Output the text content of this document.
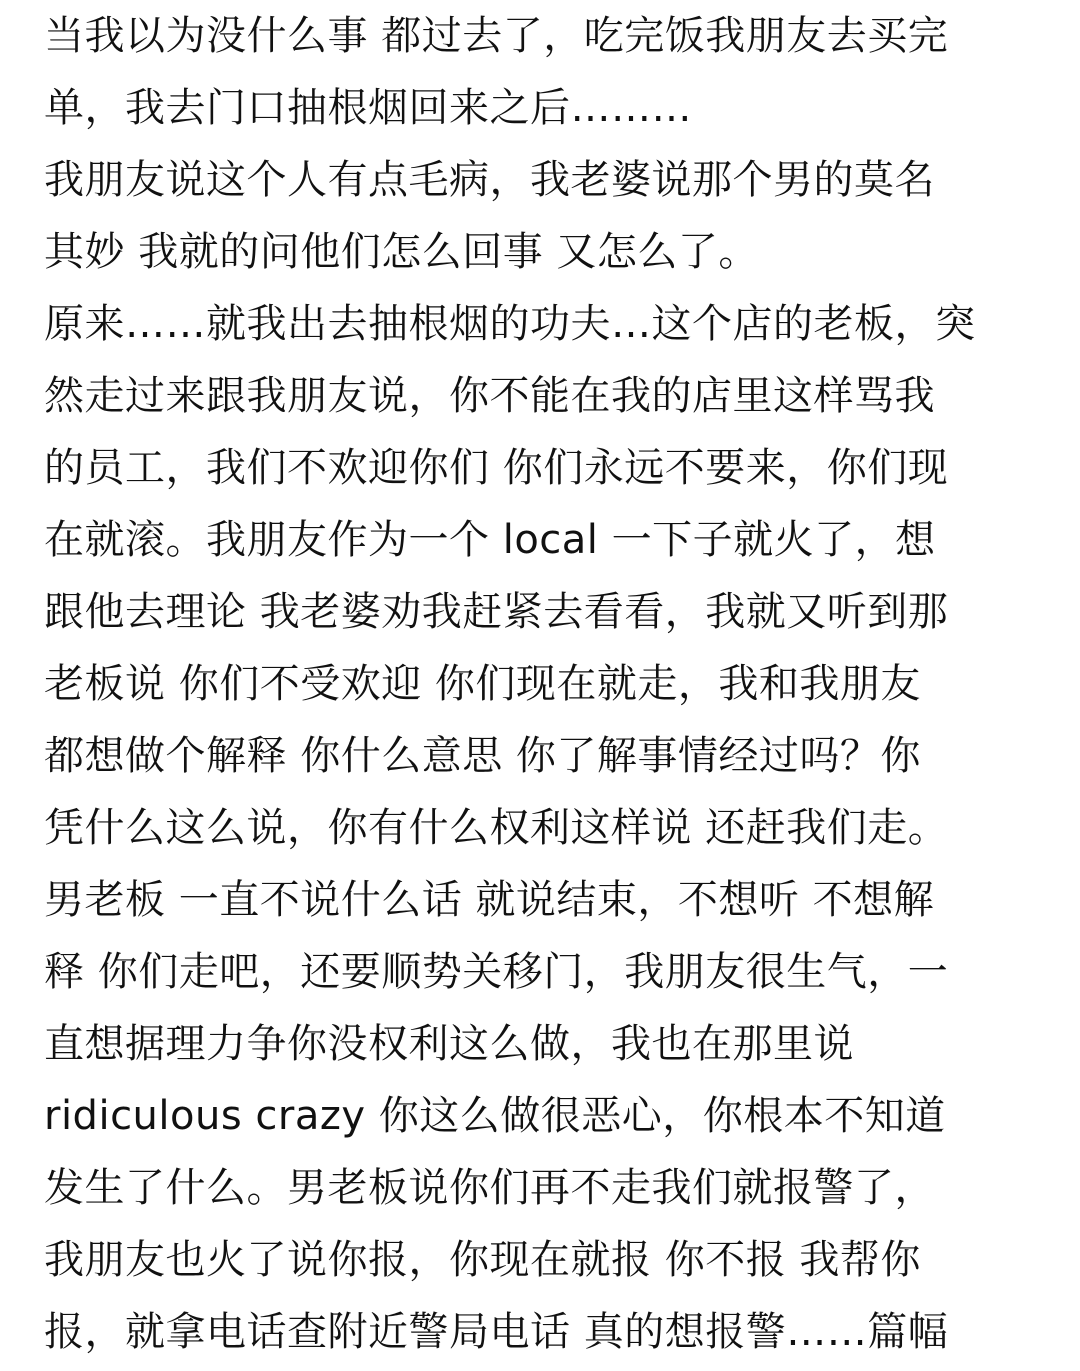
当我以为没什么事 都过去了，吃完饭我朋友去买完
单，我去门口抽根烟回来之后………
我朋友说这个人有点毛病，我老婆说那个男的莫名
其妙 我就的问他们怎么回事 又怎么了。
原来……就我出去抽根烟的功夫…这个店的老板，突
然走过来跟我朋友说，你不能在我的店里这样骂我
的员工，我们不欢迎你们 你们永远不要来，你们现
在就滚。我朋友作为一个 local 一下子就火了，想
跟他去理论 我老婆劝我赶紧去看看，我就又听到那
老板说 你们不受欢迎 你们现在就走，我和我朋友
都想做个解释 你什么意思 你了解事情经过吗？你
凭什么这么说，你有什么权利这样说 还赶我们走。
男老板 一直不说什么话 就说结束，不想听 不想解
释 你们走吧，还要顺势关移门，我朋友很生气，一
直想据理力争你没权利这么做，我也在那里说
ridiculous crazy 你这么做很恶心，你根本不知道
发生了什么。男老板说你们再不走我们就报警了，
我朋友也火了说你报，你现在就报 你不报 我帮你
报，就拿电话查附近警局电话 真的想报警……篇幅
